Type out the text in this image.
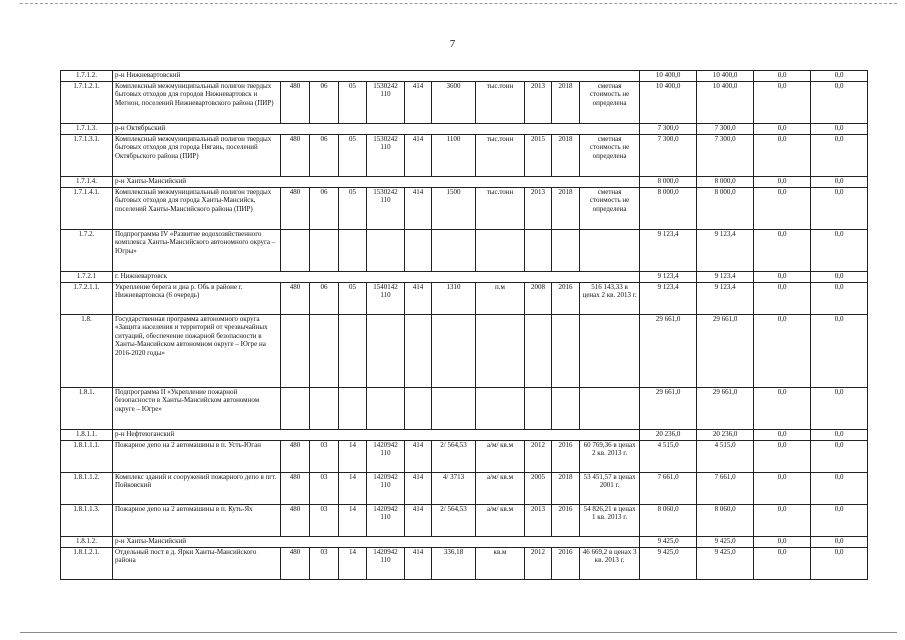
7
1.7.1.2.	р-н Нижневартовский											10 400,0	10 400,0	0,0	0,0
1.7.1.2.1.	Комплексный межмуниципальный полигон твердых бытовых отходов для городов Нижневартовск и Мегион, поселений Нижневартовского района (ПИР)	480	06	05	1530242 110	414	3600	тыс.тонн	2013	2018	сметная стоимость не определена	10 400,0	10 400,0	0,0	0,0
1.7.1.3.	р-н Октябрьский											7 300,0	7 300,0	0,0	0,0
1.7.1.3.1.	Комплексный межмуниципальный полигон твердых бытовых отходов для города Нягань, поселений Октябрьского района (ПИР)	480	06	05	1530242 110	414	1100	тыс.тонн	2015	2018	сметная стоимость не определена	7 300,0	7 300,0	0,0	0,0
1.7.1.4.	р-н Ханты-Мансийский											8 000,0	8 000,0	0,0	0,0
1.7.1.4.1.	Комплексный межмуниципальный полигон твердых бытовых отходов для города Ханты-Мансийск, поселений Ханты-Мансийского района (ПИР)	480	06	05	1530242 110	414	1500	тыс.тонн	2013	2018	сметная стоимость не определена	8 000,0	8 000,0	0,0	0,0
1.7.2.	Подпрограмма IV «Развитие водохозяйственного комплекса Ханты-Мансийского автономного округа – Югры»											9 123,4	9 123,4	0,0	0,0
1.7.2.1	г. Нижневартовск											9 123,4	9 123,4	0,0	0,0
1.7.2.1.1.	Укрепление берега и дна р. Обь в районе г. Нижневартовска (6 очередь)	480	06	05	1540142 110	414	1310	п.м	2008	2016	516 143,33 в ценах 2 кв. 2013 г.	9 123,4	9 123,4	0,0	0,0
1.8.	Государственная программа автономного округа «Защита населения и территорий от чрезвычайных ситуаций, обеспечение пожарной безопасности в Ханты-Мансийском автономном округе – Югре на 2016-2020 годы»											29 661,0	29 661,0	0,0	0,0
1.8.1.	Подпрограмма II «Укрепление пожарной безопасности в Ханты-Мансийском автономном округе – Югре»											29 661,0	29 661,0	0,0	0,0
1.8.1.1.	р-н Нефтеюганский											20 236,0	20 236,0	0,0	0,0
1.8.1.1.1.	Пожарное депо на 2 автомашины в п. Усть-Юган	480	03	14	1420942 110	414	2/ 564,53	а/м/ кв.м	2012	2016	60 769,36 в ценах 2 кв. 2013 г.	4 515,0	4 515,0	0,0	0,0
1.8.1.1.2.	Комплекс зданий и сооружений пожарного депо в пгт. Пойковский	480	03	14	1420942 110	414	4/ 3713	а/м/ кв.м	2005	2018	53 451,57 в ценах 2001 г.	7 661,0	7 661,0	0,0	0,0
1.8.1.1.3.	Пожарное депо на 2 автомашины в п. Куть-Ях	480	03	14	1420942 110	414	2/ 564,53	а/м/ кв.м	2013	2016	54 826,21 в ценах 1 кв. 2013 г.	8 060,0	8 060,0	0,0	0,0
1.8.1.2.	р-н Ханты-Мансийский											9 425,0	9 425,0	0,0	0,0
1.8.1.2.1.	Отдельный пост в д. Ярки Ханты-Мансийского района	480	03	14	1420942 110	414	336,18	кв.м	2012	2016	46 669,2 в ценах 3 кв. 2013 г.	9 425,0	9 425,0	0,0	0,0
